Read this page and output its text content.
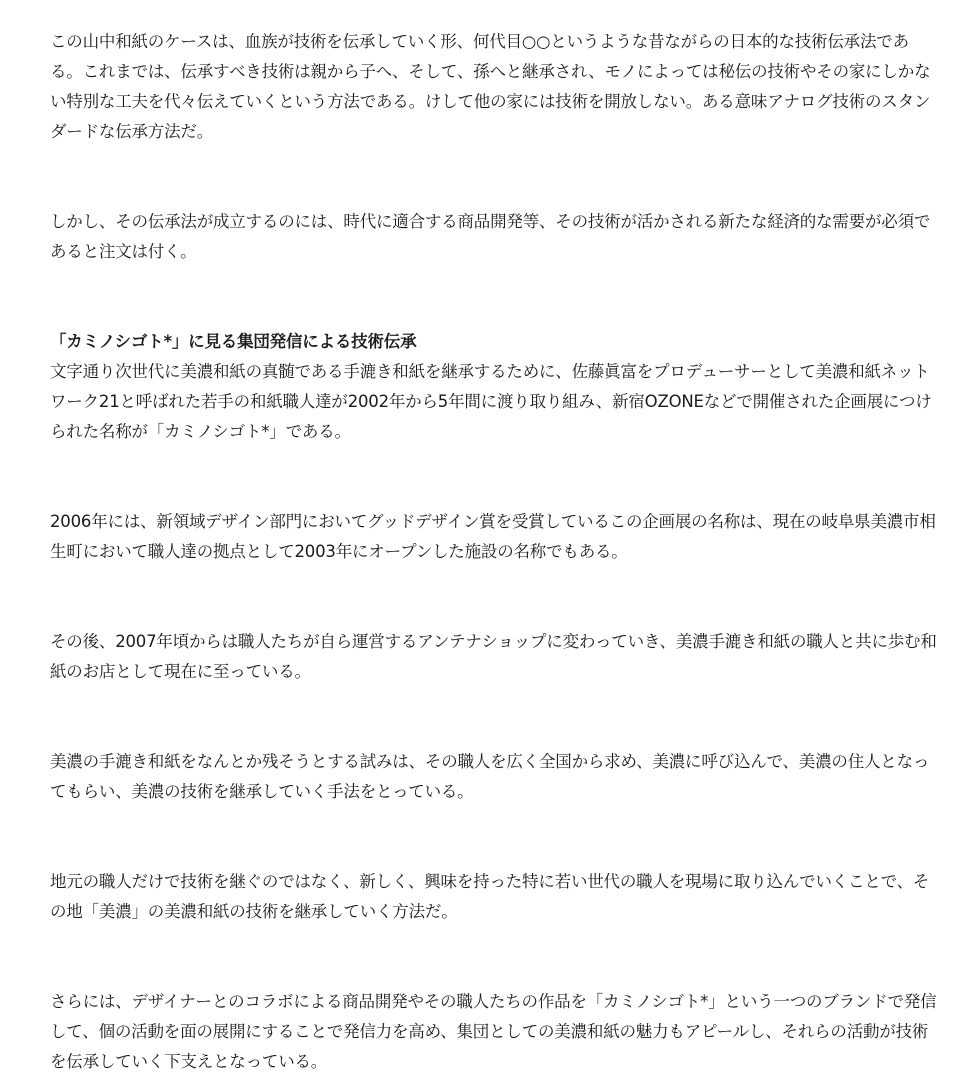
この山中和紙のケースは、血族が技術を伝承していく形、何代目○○というような昔ながらの日本的な技術伝承法である。これまでは、伝承すべき技術は親から子へ、そして、孫へと継承され、モノによっては秘伝の技術やその家にしかない特別な工夫を代々伝えていくという方法である。けして他の家には技術を開放しない。ある意味アナログ技術のスタンダードな伝承方法だ。

しかし、その伝承法が成立するのには、時代に適合する商品開発等、その技術が活かされる新たな経済的な需要が必須であると注文は付く。

「カミノシゴト*」に見る集団発信による技術伝承

文字通り次世代に美濃和紙の真髄である手漉き和紙を継承するために、佐藤眞富をプロデューサーとして美濃和紙ネットワーク21と呼ばれた若手の和紙職人達が2002年から5年間に渡り取り組み、新宿OZONEなどで開催された企画展につけられた名称が「カミノシゴト*」である。

2006年には、新領域デザイン部門においてグッドデザイン賞を受賞しているこの企画展の名称は、現在の岐阜県美濃市相生町において職人達の拠点として2003年にオープンした施設の名称でもある。

その後、2007年頃からは職人たちが自ら運営するアンテナショップに変わっていき、美濃手漉き和紙の職人と共に歩む和紙のお店として現在に至っている。

美濃の手漉き和紙をなんとか残そうとする試みは、その職人を広く全国から求め、美濃に呼び込んで、美濃の住人となってもらい、美濃の技術を継承していく手法をとっている。

地元の職人だけで技術を継ぐのではなく、新しく、興味を持った特に若い世代の職人を現場に取り込んでいくことで、その地「美濃」の美濃和紙の技術を継承していく方法だ。

さらには、デザイナーとのコラボによる商品開発やその職人たちの作品を「カミノシゴト*」という一つのブランドで発信して、個の活動を面の展開にすることで発信力を高め、集団としての美濃和紙の魅力もアピールし、それらの活動が技術を伝承していく下支えとなっている。
